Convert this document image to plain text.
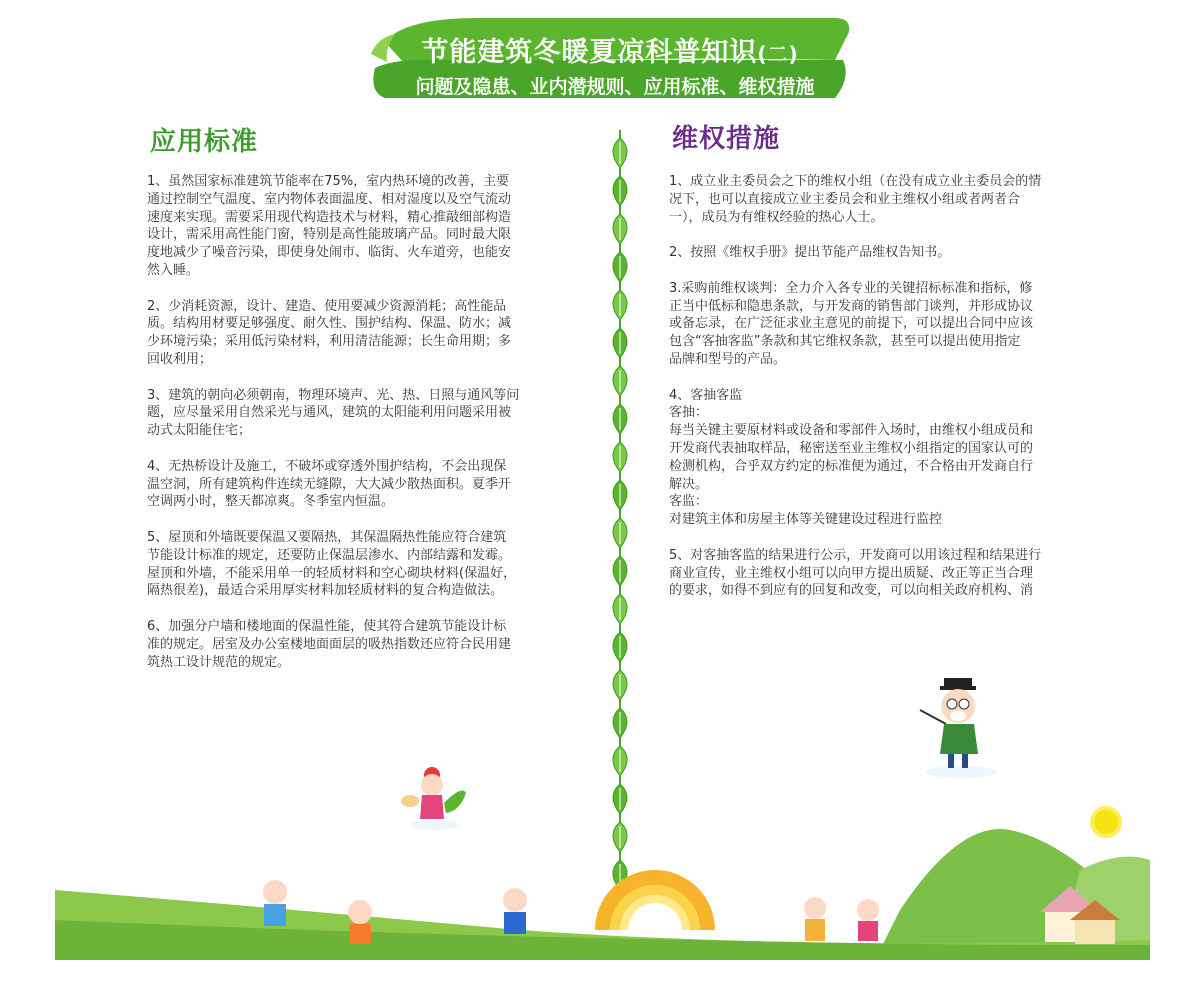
节能建筑冬暖夏凉科普知识(二)
问题及隐患、业内潜规则、应用标准、维权措施
应用标准	维权措施

1、虽然国家标准建筑节能率在75%，室内热环境的改善，主要
通过控制空气温度、室内物体表面温度、相对湿度以及空气流动
速度来实现。需要采用现代构造技术与材料，精心推敲细部构造
设计，需采用高性能门窗，特别是高性能玻璃产品。同时最大限
度地减少了噪音污染，即使身处闹市、临街、火车道旁，也能安
然入睡。

2、少消耗资源，设计、建造、使用要减少资源消耗；高性能品
质。结构用材要足够强度、耐久性、围护结构、保温、防水；减
少环境污染；采用低污染材料，利用清洁能源；长生命用期；多
回收利用；

3、建筑的朝向必须朝南，物理环境声、光、热、日照与通风等问
题，应尽量采用自然采光与通风，建筑的太阳能利用问题采用被
动式太阳能住宅；

4、无热桥设计及施工，不破坏或穿透外围护结构，不会出现保
温空洞，所有建筑构件连续无缝隙，大大减少散热面积。夏季开
空调两小时，整天都凉爽。冬季室内恒温。

5、屋顶和外墙既要保温又要隔热，其保温隔热性能应符合建筑
节能设计标准的规定，还要防止保温层渗水、内部结露和发霉。
屋顶和外墙，不能采用单一的轻质材料和空心砌块材料(保温好，
隔热很差)，最适合采用厚实材料加轻质材料的复合构造做法。

6、加强分户墙和楼地面的保温性能，使其符合建筑节能设计标
准的规定。居室及办公室楼地面面层的吸热指数还应符合民用建
筑热工设计规范的规定。

1、成立业主委员会之下的维权小组（在没有成立业主委员会的情
况下，也可以直接成立业主委员会和业主维权小组或者两者合
一），成员为有维权经验的热心人士。

2、按照《维权手册》提出节能产品维权告知书。

3.采购前维权谈判：全力介入各专业的关键招标标准和指标，修
正当中低标和隐患条款，与开发商的销售部门谈判，并形成协议
或备忘录，在广泛征求业主意见的前提下，可以提出合同中应该
包含“客抽客监”条款和其它维权条款，甚至可以提出使用指定
品牌和型号的产品。

4、客抽客监
客抽：
每当关键主要原材料或设备和零部件入场时，由维权小组成员和
开发商代表抽取样品，秘密送至业主维权小组指定的国家认可的
检测机构，合乎双方约定的标准便为通过，不合格由开发商自行
解决。
客监：
对建筑主体和房屋主体等关键建设过程进行监控

5、对客抽客监的结果进行公示，开发商可以用该过程和结果进行
商业宣传，业主维权小组可以向甲方提出质疑、改正等正当合理
的要求，如得不到应有的回复和改变，可以向相关政府机构、消
